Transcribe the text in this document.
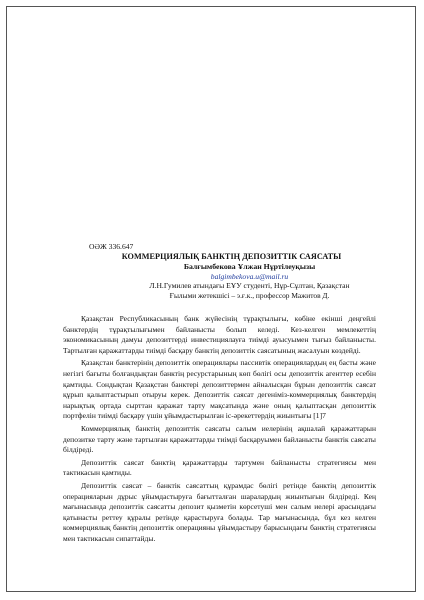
ОӘЖ 336.647
КОММЕРЦИЯЛЫҚ БАНКТІҢ ДЕПОЗИТТІК САЯСАТЫ
Балғымбекова Ұлжан Нұртілеуқызы
balgimbekova.u@mail.ru
Л.Н.Гумилев атындағы ЕҰУ студенті, Нұр-Сұлтан, Қазақстан
Ғылыми жетекшісі – э.ғ.к., профессор Мажитов Д.

Қазақстан Республикасының банк жүйесінің тұрақтылығы, көбіне екінші деңгейлі банктердің тұрақтылығымен байланысты болып келеді. Кез-келген мемлекеттің экономикасының дамуы депозиттерді инвестициялауға тиімді ауысуымен тығыз байланысты. Тартылған қаражаттарды тиімді басқару банктің депозиттік саясатының жасалуын көздейді.

Қазақстан банктерінің депозиттік операциялары пассивтік операциялардың ең басты және негізгі бағыты болғандықтан банктің ресурстарының көп бөлігі осы депозиттік агенттер есебін қамтиды. Сондықтан Қазақстан банктері депозиттермен айналысқан бұрын депозиттік саясат құрып қалыптастырып отыруы керек. Депозиттік саясат дегеніміз-коммерциялық банктердің нарықтық ортада сырттан қаражат тарту мақсатында және оның қалыптасқан депозиттік портфелін тиімді басқару үшін ұйымдастырылған іс-әрекеттердің жиынтығы [1]7

Коммерциялық банктің депозиттік саясаты салым иелерінің ақшалай қаражаттарын депозитке тарту және тартылған қаражаттарды тиімді басқаруымен байланысты банктік саясаты білдіреді.

Депозиттік саясат банктің қаражаттарды тартумен байланысты стратегиясы мен тактикасын қамтиды.

Депозиттік саясат – банктік саясаттың құрамдас бөлігі ретінде банктің депозиттік операцияларын дұрыс ұйымдастыруға бағытталған шаралардың жиынтығын білдіреді. Кең мағынасында депозиттік саясатты депозит қызметін көрсетуші мен салым иелері арасындағы қатынасты реттеу құралы ретінде қарастыруға болады. Тар мағынасында, бұл кез келген коммерциялық банктің депозиттік операцияны ұйымдастыру барысындағы банктің стратегиясы мен тактикасын сипаттайды.
